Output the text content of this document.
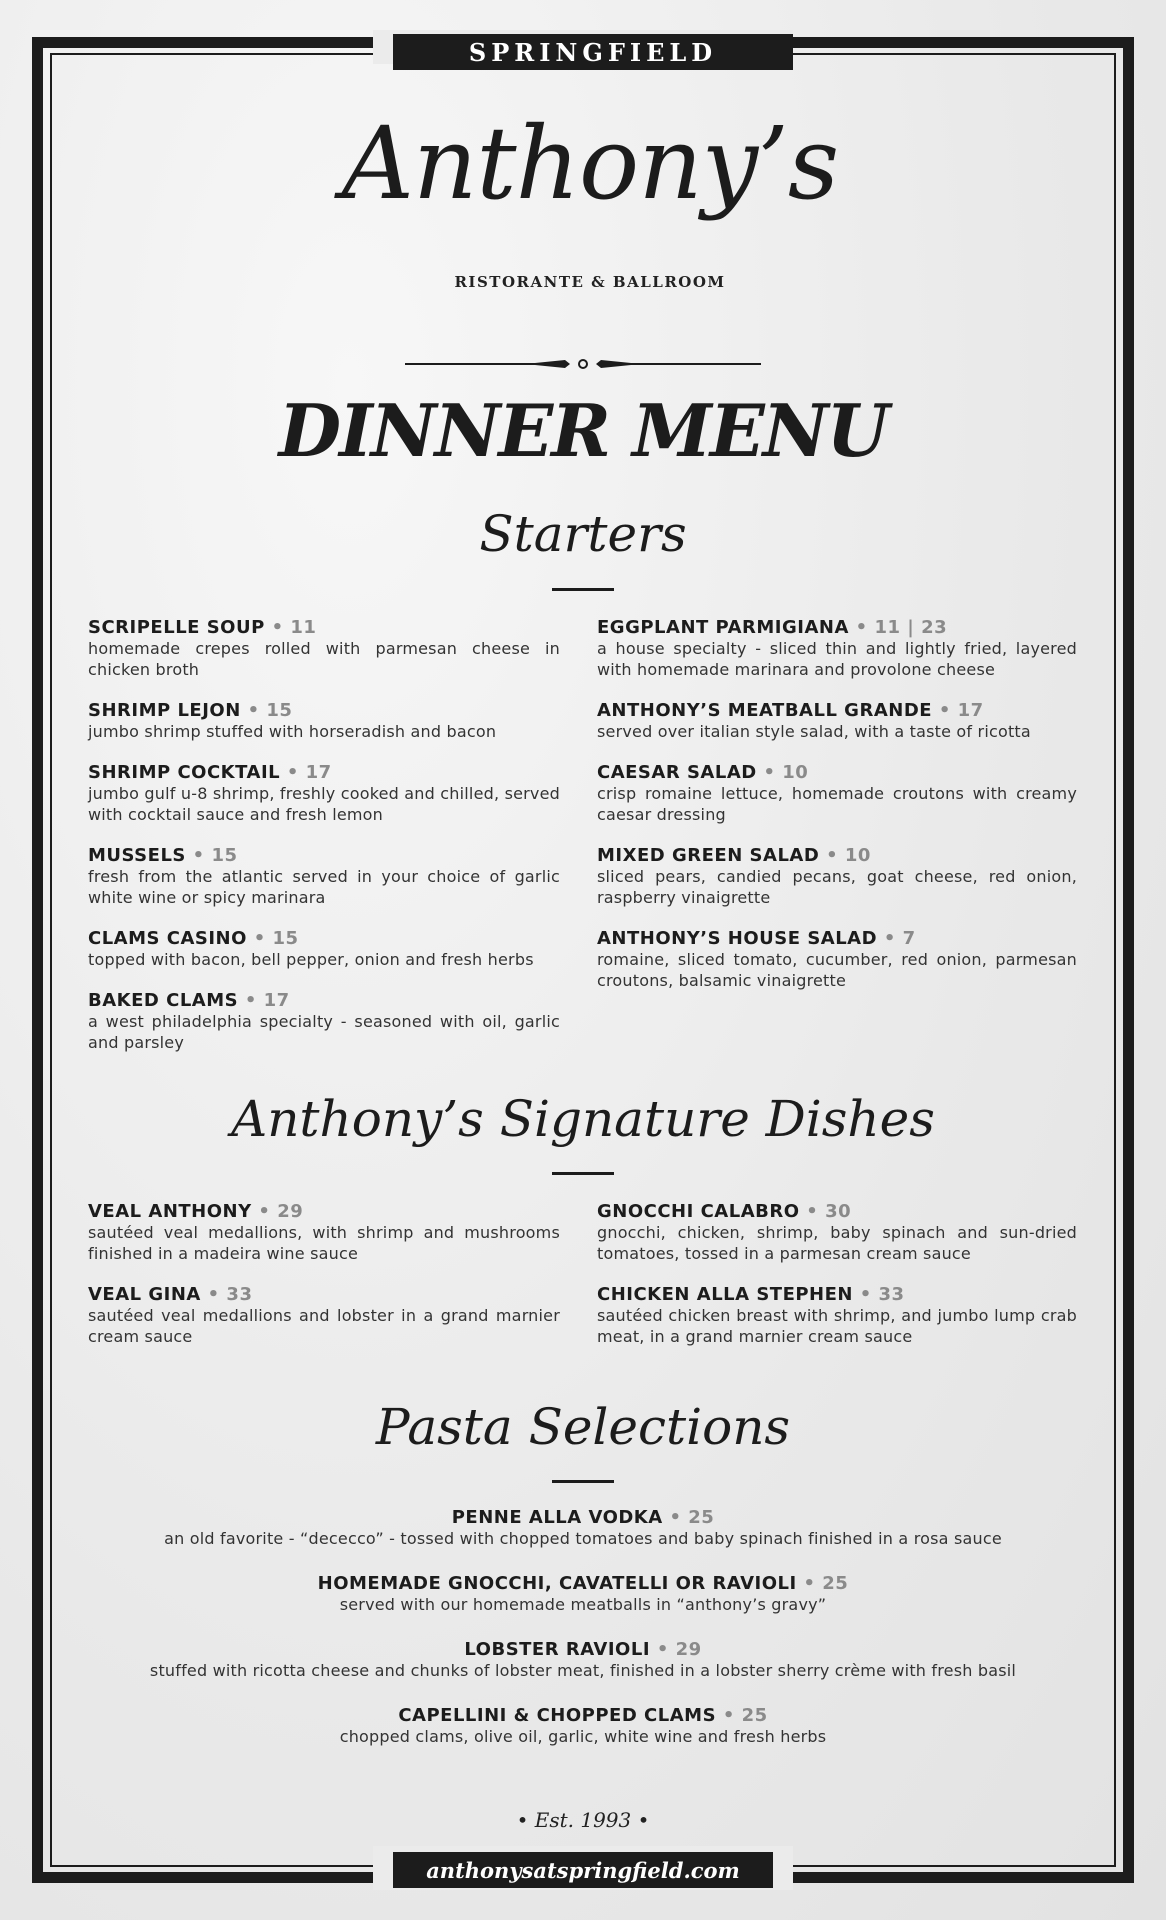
SPRINGFIELD
Anthony’s
RISTORANTE & BALLROOM
DINNER MENU
Starters
SCRIPELLE SOUP • 11
homemade crepes rolled with parmesan cheese in chicken broth
SHRIMP LEJON • 15
jumbo shrimp stuffed with horseradish and bacon
SHRIMP COCKTAIL • 17
jumbo gulf u-8 shrimp, freshly cooked and chilled, served with cocktail sauce and fresh lemon
MUSSELS • 15
fresh from the atlantic served in your choice of garlic white wine or spicy marinara
CLAMS CASINO • 15
topped with bacon, bell pepper, onion and fresh herbs
BAKED CLAMS • 17
a west philadelphia specialty - seasoned with oil, garlic and parsley
EGGPLANT PARMIGIANA • 11 | 23
a house specialty - sliced thin and lightly fried, layered with homemade marinara and provolone cheese
ANTHONY’S MEATBALL GRANDE • 17
served over italian style salad, with a taste of ricotta
CAESAR SALAD • 10
crisp romaine lettuce, homemade croutons with creamy caesar dressing
MIXED GREEN SALAD • 10
sliced pears, candied pecans, goat cheese, red onion, raspberry vinaigrette
ANTHONY’S HOUSE SALAD • 7
romaine, sliced tomato, cucumber, red onion, parmesan croutons, balsamic vinaigrette
Anthony’s Signature Dishes
VEAL ANTHONY • 29
sautéed veal medallions, with shrimp and mushrooms finished in a madeira wine sauce
VEAL GINA • 33
sautéed veal medallions and lobster in a grand marnier cream sauce
GNOCCHI CALABRO • 30
gnocchi, chicken, shrimp, baby spinach and sun-dried tomatoes, tossed in a parmesan cream sauce
CHICKEN ALLA STEPHEN • 33
sautéed chicken breast with shrimp, and jumbo lump crab meat, in a grand marnier cream sauce
Pasta Selections
PENNE ALLA VODKA • 25
an old favorite - “dececco” - tossed with chopped tomatoes and baby spinach finished in a rosa sauce
HOMEMADE GNOCCHI, CAVATELLI OR RAVIOLI • 25
served with our homemade meatballs in “anthony’s gravy”
LOBSTER RAVIOLI • 29
stuffed with ricotta cheese and chunks of lobster meat, finished in a lobster sherry crème with fresh basil
CAPELLINI & CHOPPED CLAMS • 25
chopped clams, olive oil, garlic, white wine and fresh herbs
• Est. 1993 •
anthonysatspringfield.com
